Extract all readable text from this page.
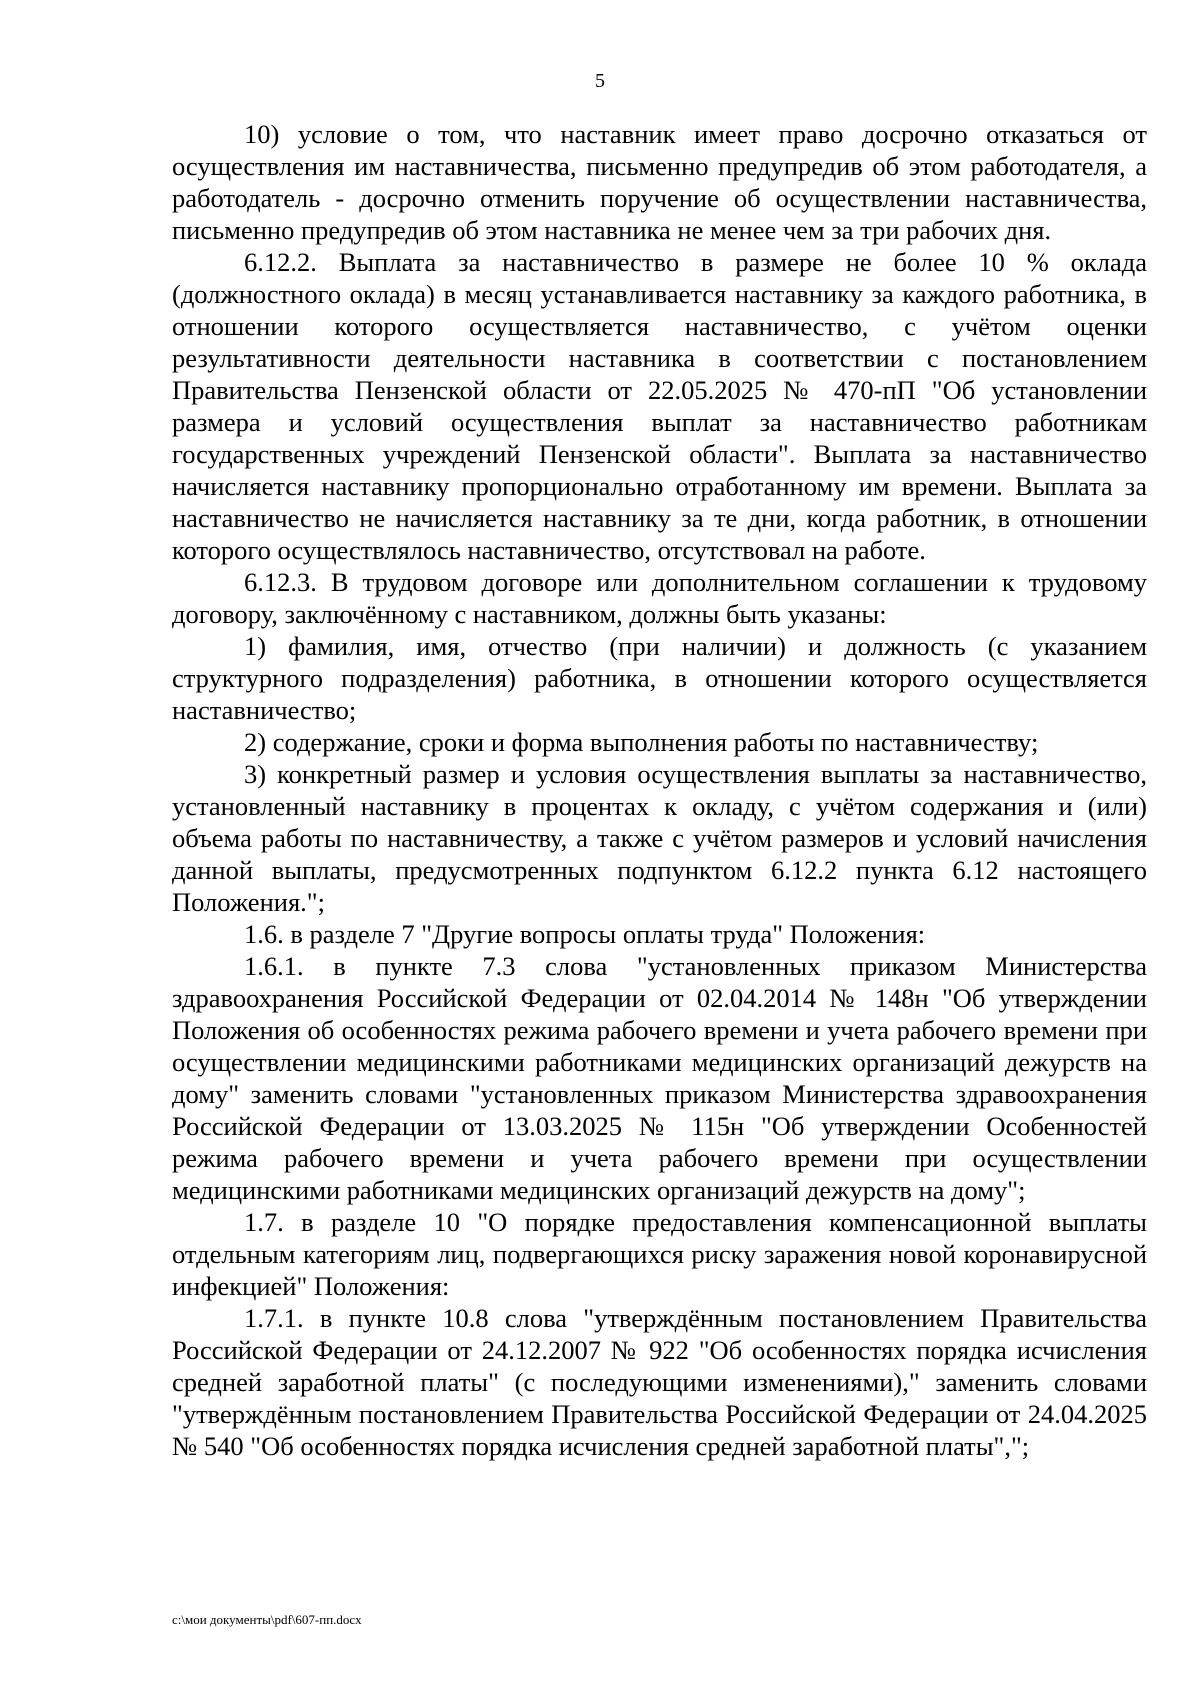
5

10) условие о том, что наставник имеет право досрочно отказаться от осуществления им наставничества, письменно предупредив об этом работодателя, а работодатель - досрочно отменить поручение об осуществлении наставничества, письменно предупредив об этом наставника не менее чем за три рабочих дня.

6.12.2. Выплата за наставничество в размере не более 10 % оклада (должностного оклада) в месяц устанавливается наставнику за каждого работника, в отношении которого осуществляется наставничество, с учётом оценки результативности деятельности наставника в соответствии с постановлением Правительства Пензенской области от 22.05.2025 № 470-пП "Об установлении размера и условий осуществления выплат за наставничество работникам государственных учреждений Пензенской области". Выплата за наставничество начисляется наставнику пропорционально отработанному им времени. Выплата за наставничество не начисляется наставнику за те дни, когда работник, в отношении которого осуществлялось наставничество, отсутствовал на работе.

6.12.3. В трудовом договоре или дополнительном соглашении к трудовому договору, заключённому с наставником, должны быть указаны:

1) фамилия, имя, отчество (при наличии) и должность (с указанием структурного подразделения) работника, в отношении которого осуществляется наставничество;

2) содержание, сроки и форма выполнения работы по наставничеству;

3) конкретный размер и условия осуществления выплаты за наставничество, установленный наставнику в процентах к окладу, с учётом содержания и (или) объема работы по наставничеству, а также с учётом размеров и условий начисления данной выплаты, предусмотренных подпунктом 6.12.2 пункта 6.12 настоящего Положения.";

1.6. в разделе 7 "Другие вопросы оплаты труда" Положения:

1.6.1. в пункте 7.3 слова "установленных приказом Министерства здравоохранения Российской Федерации от 02.04.2014 № 148н "Об утверждении Положения об особенностях режима рабочего времени и учета рабочего времени при осуществлении медицинскими работниками медицинских организаций дежурств на дому" заменить словами "установленных приказом Министерства здравоохранения Российской Федерации от 13.03.2025 № 115н "Об утверждении Особенностей режима рабочего времени и учета рабочего времени при осуществлении медицинскими работниками медицинских организаций дежурств на дому";

1.7. в разделе 10 "О порядке предоставления компенсационной выплаты отдельным категориям лиц, подвергающихся риску заражения новой коронавирусной инфекцией" Положения:

1.7.1. в пункте 10.8 слова "утверждённым постановлением Правительства Российской Федерации от 24.12.2007 № 922 "Об особенностях порядка исчисления средней заработной платы" (с последующими изменениями)," заменить словами "утверждённым постановлением Правительства Российской Федерации от 24.04.2025 № 540 "Об особенностях порядка исчисления средней заработной платы",";

c:\мои документы\pdf\607-пп.docx
